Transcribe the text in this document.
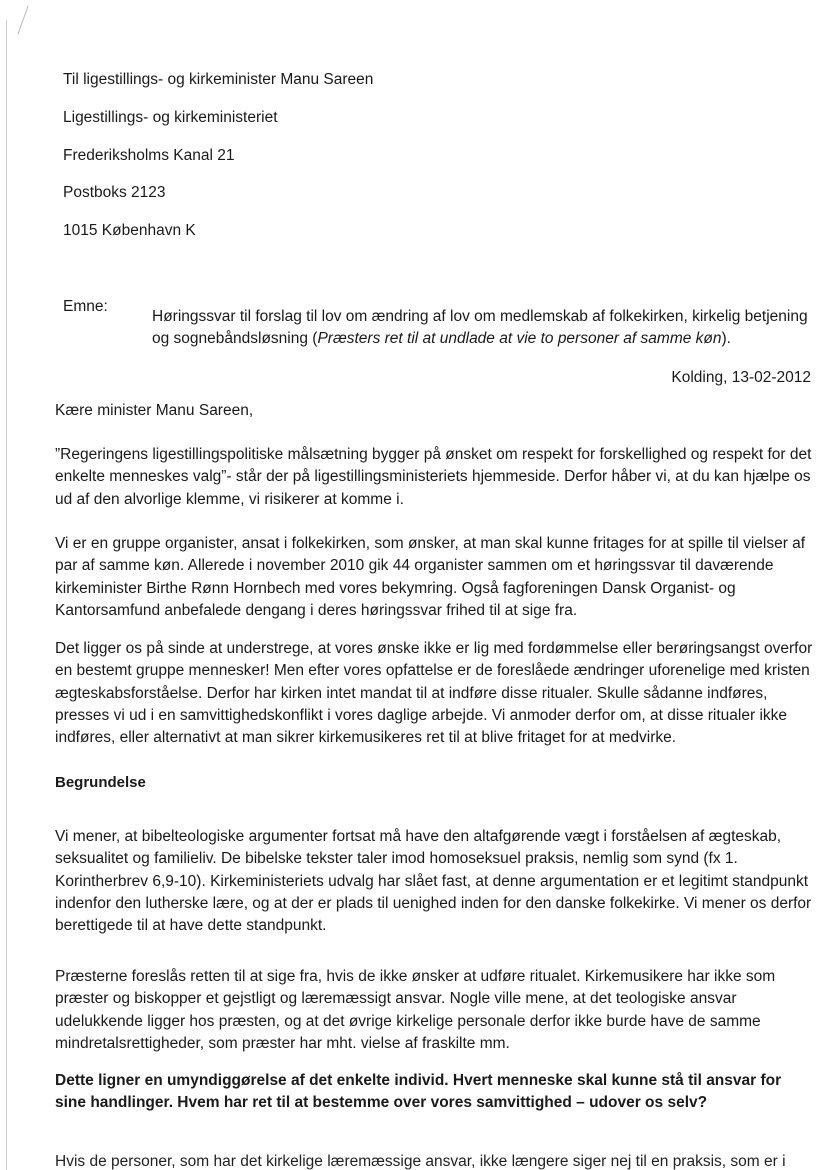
Til ligestillings- og kirkeminister Manu Sareen
Ligestillings- og kirkeministeriet
Frederiksholms Kanal 21
Postboks 2123
1015 København K
Emne:
Høringssvar til forslag til lov om ændring af lov om medlemskab af folkekirken, kirkelig betjening og sognebåndsløsning (Præsters ret til at undlade at vie to personer af samme køn).
Kolding, 13-02-2012
Kære minister Manu Sareen,
”Regeringens ligestillingspolitiske målsætning bygger på ønsket om respekt for forskellighed og respekt for det enkelte menneskes valg”- står der på ligestillingsministeriets hjemmeside. Derfor håber vi, at du kan hjælpe os ud af den alvorlige klemme, vi risikerer at komme i.
Vi er en gruppe organister, ansat i folkekirken, som ønsker, at man skal kunne fritages for at spille til vielser af par af samme køn. Allerede i november 2010 gik 44 organister sammen om et høringssvar til daværende kirkeminister Birthe Rønn Hornbech med vores bekymring. Også fagforeningen Dansk Organist- og Kantorsamfund anbefalede dengang i deres høringssvar frihed til at sige fra.
Det ligger os på sinde at understrege, at vores ønske ikke er lig med fordømmelse eller berøringsangst overfor en bestemt gruppe mennesker! Men efter vores opfattelse er de foreslåede ændringer uforenelige med kristen ægteskabsforståelse. Derfor har kirken intet mandat til at indføre disse ritualer. Skulle sådanne indføres, presses vi ud i en samvittighedskonflikt i vores daglige arbejde. Vi anmoder derfor om, at disse ritualer ikke indføres, eller alternativt at man sikrer kirkemusikeres ret til at blive fritaget for at medvirke.
Begrundelse
Vi mener, at bibelteologiske argumenter fortsat må have den altafgørende vægt i forståelsen af ægteskab, seksualitet og familieliv. De bibelske tekster taler imod homoseksuel praksis, nemlig som synd (fx 1. Korintherbrev 6,9-10). Kirkeministeriets udvalg har slået fast, at denne argumentation er et legitimt standpunkt indenfor den lutherske lære, og at der er plads til uenighed inden for den danske folkekirke. Vi mener os derfor berettigede til at have dette standpunkt.
Præsterne foreslås retten til at sige fra, hvis de ikke ønsker at udføre ritualet. Kirkemusikere har ikke som præster og biskopper et gejstligt og læremæssigt ansvar. Nogle ville mene, at det teologiske ansvar udelukkende ligger hos præsten, og at det øvrige kirkelige personale derfor ikke burde have de samme mindretalsrettigheder, som præster har mht. vielse af fraskilte mm.
Dette ligner en umyndiggørelse af det enkelte individ. Hvert menneske skal kunne stå til ansvar for sine handlinger. Hvem har ret til at bestemme over vores samvittighed – udover os selv?
Hvis de personer, som har det kirkelige læremæssige ansvar, ikke længere siger nej til en praksis, som er i
